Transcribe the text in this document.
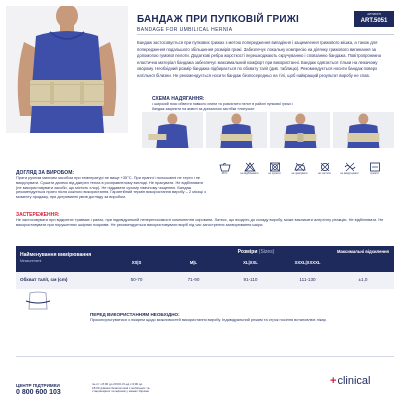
БАНДАЖ ПРИ ПУПКОВІЙ ГРИЖІ
BANDAGE FOR UMBILICAL HERNIA
АРТИКУЛ
ART.5051
Бандаж застосовується при пупкових грижах з метою попередження випадіння і защемлення грижового мішка, а також для попередження подальшого збільшення розмірів грижі. Забезпечує локальну компресію на ділянку грижового випинання за допомогою гумової пелоти. Додаткові ребра жорсткості перешкоджають скручуванню і сповзанню бандажа. Повітропроникна еластична матеріал бандажа забезпечує максимальний комфорт при використанні. Бандаж одягається тільки на лежачому хворому. Необхідний розмір бандажа підбирається по обхвату талії (див. таблицю). Рекомендується носити бандаж поверх натільної білизни. Не рекомендується носити бандаж безпосередньо на тілі, щоб найкращий результат виробу не спав.
СХЕМА НАДЯГАННЯ:
• широкий пояс обвести навколо спини та розмістити пелот в районі пупкової грижі • бандаж закріпити на животі за допомогою застібки «липучка»
ДОГЛЯД ЗА ВИРОБОМ:
Прати ручним миючим засобом при температурі не вище +35°С. При пранні і полосканні не терти і не викручувати. Сушити далеко від джерел тепла в розправленому вигляді. Не прасувати. Не відбілювати (не використовувати засоби, що містять хлор). Не піддавати сухому хімічному чищенню. Бандаж рекомендується прати після кожного використання. Гарантійний термін використання виробу – 2 місяці з моменту продажу, при дотриманні умов догляду за виробом.
35°C	не відбілювати	не сушити	не прасувати	не чистити	не викручувати	сушити
ЗАСТЕРЕЖЕННЯ:
Не застосовувати при відкритих травмах і ранах, при індивідуальній непереносимості компонентів сировини. Латекс, що входить до складу виробу, може викликати алергічну реакцію. Не відбілювати. Не використовувати при порушеннях шкірних покривів. Не рекомендується використовувати виріб під час загострення захворювання шкіри.
Найменування вимірювання
Measurement
Розміри (Sizes)	Максимальні відхилення
XS|S	M|L	XL|XXL	XXXL|XXXXL
Обхват талії, см (cm)	50-70	71-90	91-110	111-130	±1,0
ПЕРЕД ВИКОРИСТАННЯМ НЕОБХІДНО:
Проконсультуватися з лікарем щодо можливостей використання виробу. Індивідуальний режим та строк носіння встановлює лікар.
ЦЕНТР ПІДТРИМКИ
0 800 600 103
пн-пт з 8:00 до 20:00 сб-нд з 9:00 до 18:00 дзвінки безкоштовні з мобільних та стаціонарних телефонів у межах України
+ clinical
